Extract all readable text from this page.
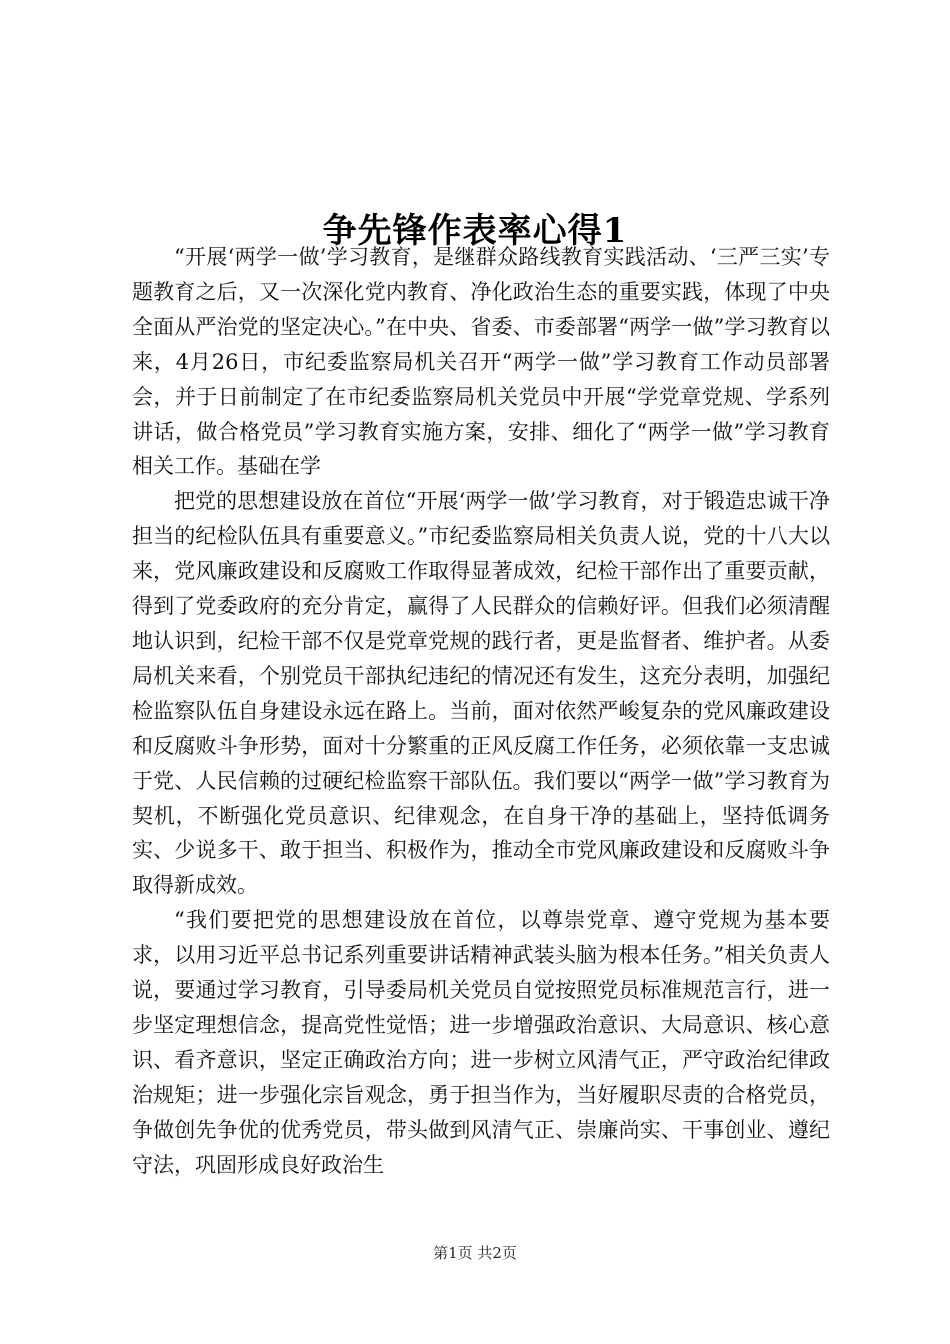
争先锋作表率心得1

“开展‘两学一做’学习教育，是继群众路线教育实践活动、‘三严三实’专题教育之后，又一次深化党内教育、净化政治生态的重要实践，体现了中央全面从严治党的坚定决心。”在中央、省委、市委部署“两学一做”学习教育以来，4月26日，市纪委监察局机关召开“两学一做”学习教育工作动员部署会，并于日前制定了在市纪委监察局机关党员中开展“学党章党规、学系列讲话，做合格党员”学习教育实施方案，安排、细化了“两学一做”学习教育相关工作。基础在学

把党的思想建设放在首位“开展‘两学一做’学习教育，对于锻造忠诚干净担当的纪检队伍具有重要意义。”市纪委监察局相关负责人说，党的十八大以来，党风廉政建设和反腐败工作取得显著成效，纪检干部作出了重要贡献，得到了党委政府的充分肯定，赢得了人民群众的信赖好评。但我们必须清醒地认识到，纪检干部不仅是党章党规的践行者，更是监督者、维护者。从委局机关来看，个别党员干部执纪违纪的情况还有发生，这充分表明，加强纪检监察队伍自身建设永远在路上。当前，面对依然严峻复杂的党风廉政建设和反腐败斗争形势，面对十分繁重的正风反腐工作任务，必须依靠一支忠诚于党、人民信赖的过硬纪检监察干部队伍。我们要以“两学一做”学习教育为契机，不断强化党员意识、纪律观念，在自身干净的基础上，坚持低调务实、少说多干、敢于担当、积极作为，推动全市党风廉政建设和反腐败斗争取得新成效。

“我们要把党的思想建设放在首位，以尊崇党章、遵守党规为基本要求，以用习近平总书记系列重要讲话精神武装头脑为根本任务。”相关负责人说，要通过学习教育，引导委局机关党员自觉按照党员标准规范言行，进一步坚定理想信念，提高党性觉悟；进一步增强政治意识、大局意识、核心意识、看齐意识，坚定正确政治方向；进一步树立风清气正，严守政治纪律政治规矩；进一步强化宗旨观念，勇于担当作为，当好履职尽责的合格党员，争做创先争优的优秀党员，带头做到风清气正、崇廉尚实、干事创业、遵纪守法，巩固形成良好政治生

第1页 共2页
